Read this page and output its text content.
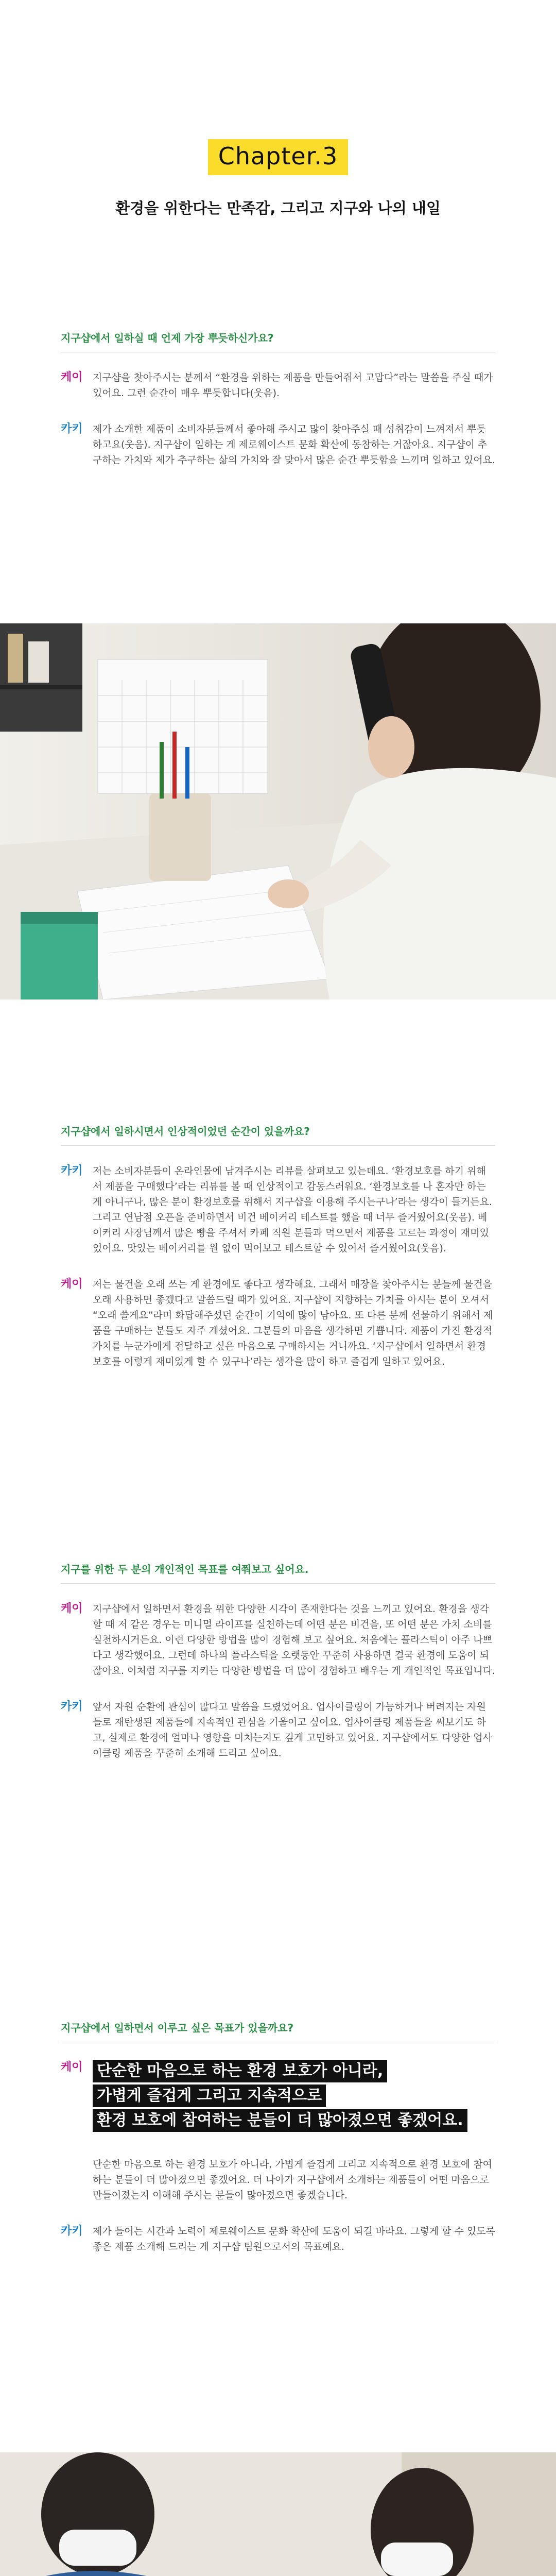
Chapter.3
환경을 위한다는 만족감, 그리고 지구와 나의 내일
지구샵에서 일하실 때 언제 가장 뿌듯하신가요?
케이	지구샵을 찾아주시는 분께서 “환경을 위하는 제품을 만들어줘서 고맙다”라는 말씀을 주실 때가 있어요. 그런 순간이 매우 뿌듯합니다(웃음).
카키	제가 소개한 제품이 소비자분들께서 좋아해 주시고 많이 찾아주실 때 성취감이 느껴져서 뿌듯하고요(웃음). 지구샵이 일하는 게 제로웨이스트 문화 확산에 동참하는 거잖아요. 지구샵이 추구하는 가치와 제가 추구하는 삶의 가치와 잘 맞아서 많은 순간 뿌듯함을 느끼며 일하고 있어요.
지구샵에서 일하시면서 인상적이었던 순간이 있을까요?
카키	저는 소비자분들이 온라인몰에 남겨주시는 리뷰를 살펴보고 있는데요. ‘환경보호를 하기 위해서 제품을 구매했다’라는 리뷰를 볼 때 인상적이고 감동스러워요. ‘환경보호를 나 혼자만 하는 게 아니구나, 많은 분이 환경보호를 위해서 지구샵을 이용해 주시는구나’라는 생각이 들거든요. 그리고 연남점 오픈을 준비하면서 비건 베이커리 테스트를 했을 때 너무 즐거웠어요(웃음). 베이커리 사장님께서 많은 빵을 주셔서 카페 직원 분들과 먹으면서 제품을 고르는 과정이 재미있었어요. 맛있는 베이커리를 원 없이 먹어보고 테스트할 수 있어서 즐거웠어요(웃음).
케이	저는 물건을 오래 쓰는 게 환경에도 좋다고 생각해요. 그래서 매장을 찾아주시는 분들께 물건을 오래 사용하면 좋겠다고 말씀드릴 때가 있어요. 지구샵이 지향하는 가치를 아시는 분이 오셔서 “오래 쓸게요”라며 화답해주셨던 순간이 기억에 많이 남아요. 또 다른 분께 선물하기 위해서 제품을 구매하는 분들도 자주 계셨어요. 그분들의 마음을 생각하면 기쁩니다. 제품이 가진 환경적 가치를 누군가에게 전달하고 싶은 마음으로 구매하시는 거니까요. ‘지구샵에서 일하면서 환경보호를 이렇게 재미있게 할 수 있구나’라는 생각을 많이 하고 즐겁게 일하고 있어요.
지구를 위한 두 분의 개인적인 목표를 여쭤보고 싶어요.
케이	지구샵에서 일하면서 환경을 위한 다양한 시각이 존재한다는 것을 느끼고 있어요. 환경을 생각할 때 저 같은 경우는 미니멀 라이프를 실천하는데 어떤 분은 비건을, 또 어떤 분은 가치 소비를 실천하시거든요. 이런 다양한 방법을 많이 경험해 보고 싶어요. 처음에는 플라스틱이 아주 나쁘다고 생각했어요. 그런데 하나의 플라스틱을 오랫동안 꾸준히 사용하면 결국 환경에 도움이 되잖아요. 이처럼 지구를 지키는 다양한 방법을 더 많이 경험하고 배우는 게 개인적인 목표입니다.
카키	앞서 자원 순환에 관심이 많다고 말씀을 드렸었어요. 업사이클링이 가능하거나 버려지는 자원들로 재탄생된 제품들에 지속적인 관심을 기울이고 싶어요. 업사이클링 제품들을 써보기도 하고, 실제로 환경에 얼마나 영향을 미치는지도 깊게 고민하고 있어요. 지구샵에서도 다양한 업사이클링 제품을 꾸준히 소개해 드리고 싶어요.
지구샵에서 일하면서 이루고 싶은 목표가 있을까요?
케이 단순한 마음으로 하는 환경 보호가 아니라,
가볍게 즐겁게 그리고 지속적으로
환경 보호에 참여하는 분들이 더 많아졌으면 좋겠어요.
단순한 마음으로 하는 환경 보호가 아니라, 가볍게 즐겁게 그리고 지속적으로 환경 보호에 참여하는 분들이 더 많아졌으면 좋겠어요. 더 나아가 지구샵에서 소개하는 제품들이 어떤 마음으로 만들어졌는지 이해해 주시는 분들이 많아졌으면 좋겠습니다.
카키	제가 들어는 시간과 노력이 제로웨이스트 문화 확산에 도움이 되길 바라요. 그렇게 할 수 있도록 좋은 제품 소개해 드리는 게 지구샵 팀원으로서의 목표예요.
